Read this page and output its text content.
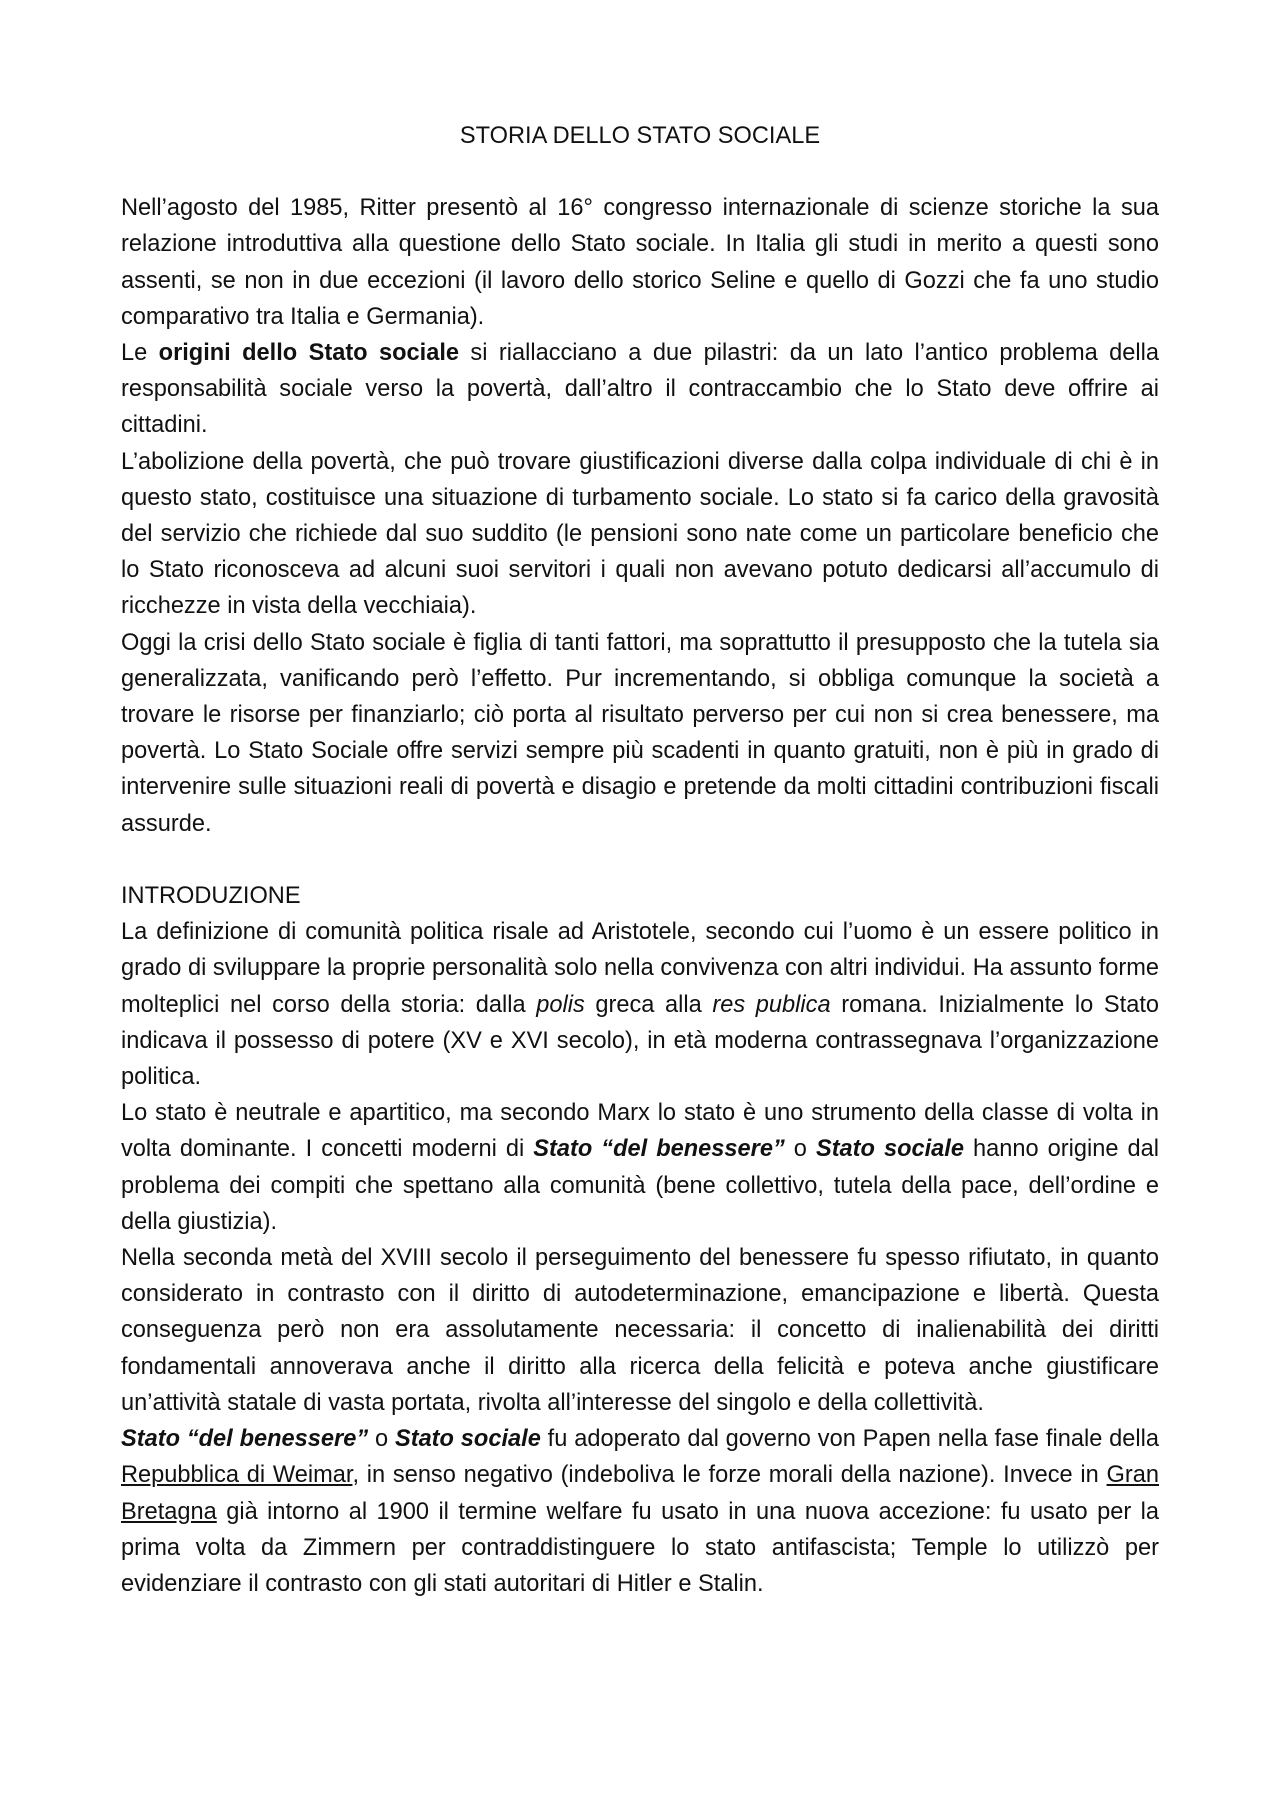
STORIA DELLO STATO SOCIALE

Nell’agosto del 1985, Ritter presentò al 16° congresso internazionale di scienze storiche la sua relazione introduttiva alla questione dello Stato sociale. In Italia gli studi in merito a questi sono assenti, se non in due eccezioni (il lavoro dello storico Seline e quello di Gozzi che fa uno studio comparativo tra Italia e Germania).

Le origini dello Stato sociale si riallacciano a due pilastri: da un lato l’antico problema della responsabilità sociale verso la povertà, dall’altro il contraccambio che lo Stato deve offrire ai cittadini.

L’abolizione della povertà, che può trovare giustificazioni diverse dalla colpa individuale di chi è in questo stato, costituisce una situazione di turbamento sociale. Lo stato si fa carico della gravosità del servizio che richiede dal suo suddito (le pensioni sono nate come un particolare beneficio che lo Stato riconosceva ad alcuni suoi servitori i quali non avevano potuto dedicarsi all’accumulo di ricchezze in vista della vecchiaia).

Oggi la crisi dello Stato sociale è figlia di tanti fattori, ma soprattutto il presupposto che la tutela sia generalizzata, vanificando però l’effetto. Pur incrementando, si obbliga comunque la società a trovare le risorse per finanziarlo; ciò porta al risultato perverso per cui non si crea benessere, ma povertà. Lo Stato Sociale offre servizi sempre più scadenti in quanto gratuiti, non è più in grado di intervenire sulle situazioni reali di povertà e disagio e pretende da molti cittadini contribuzioni fiscali assurde.

INTRODUZIONE

La definizione di comunità politica risale ad Aristotele, secondo cui l’uomo è un essere politico in grado di sviluppare la proprie personalità solo nella convivenza con altri individui. Ha assunto forme molteplici nel corso della storia: dalla polis greca alla res publica romana. Inizialmente lo Stato indicava il possesso di potere (XV e XVI secolo), in età moderna contrassegnava l’organizzazione politica.

Lo stato è neutrale e apartitico, ma secondo Marx lo stato è uno strumento della classe di volta in volta dominante. I concetti moderni di Stato “del benessere” o Stato sociale hanno origine dal problema dei compiti che spettano alla comunità (bene collettivo, tutela della pace, dell’ordine e della giustizia).

Nella seconda metà del XVIII secolo il perseguimento del benessere fu spesso rifiutato, in quanto considerato in contrasto con il diritto di autodeterminazione, emancipazione e libertà. Questa conseguenza però non era assolutamente necessaria: il concetto di inalienabilità dei diritti fondamentali annoverava anche il diritto alla ricerca della felicità e poteva anche giustificare un’attività statale di vasta portata, rivolta all’interesse del singolo e della collettività.

Stato “del benessere” o Stato sociale fu adoperato dal governo von Papen nella fase finale della Repubblica di Weimar, in senso negativo (indeboliva le forze morali della nazione). Invece in Gran Bretagna già intorno al 1900 il termine welfare fu usato in una nuova accezione: fu usato per la prima volta da Zimmern per contraddistinguere lo stato antifascista; Temple lo utilizzò per evidenziare il contrasto con gli stati autoritari di Hitler e Stalin.
